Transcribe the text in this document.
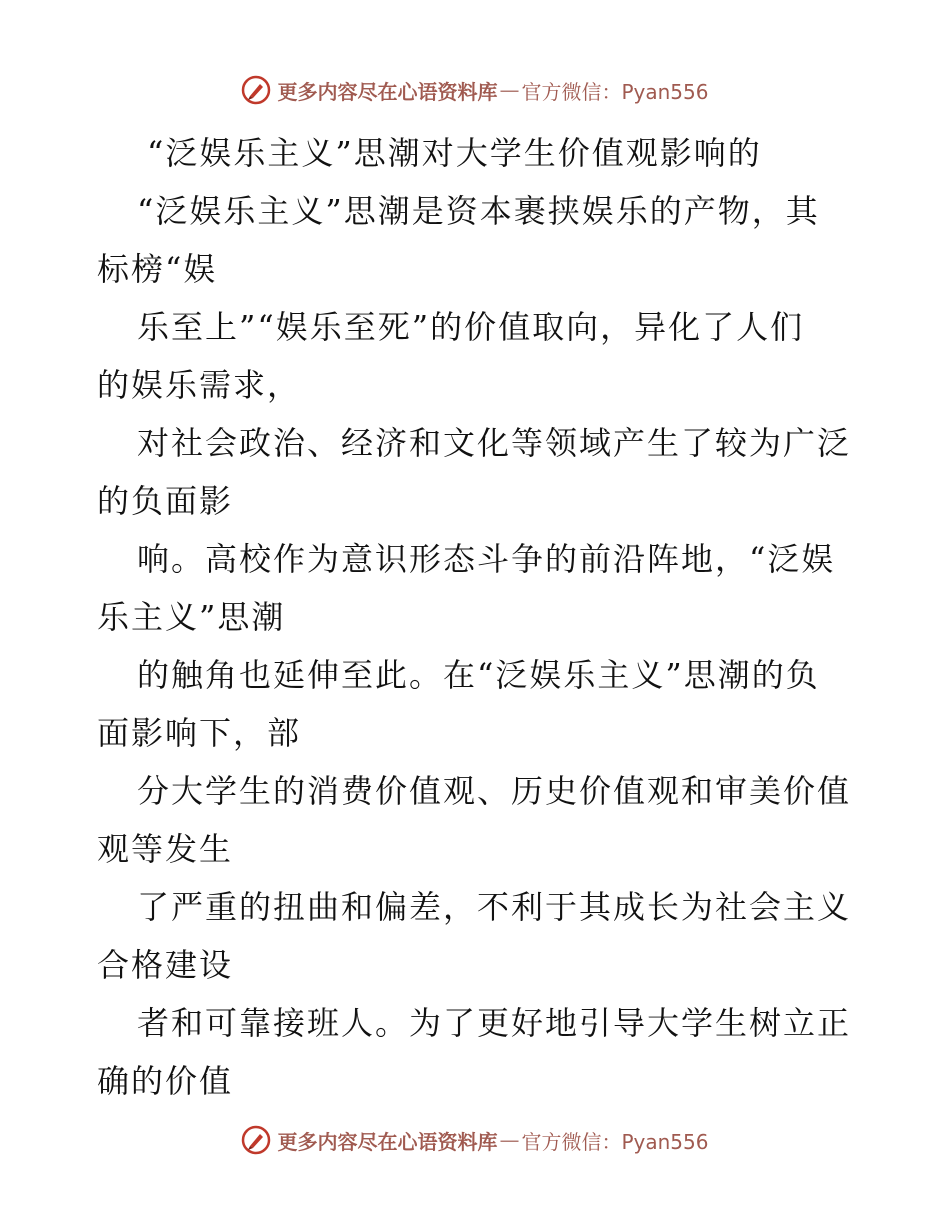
更多内容尽在心语资料库 — 官方微信：Pyan556
“泛娱乐主义”思潮对大学生价值观影响的
“泛娱乐主义”思潮是资本裹挟娱乐的产物，其
标榜“娱
乐至上”“娱乐至死”的价值取向，异化了人们
的娱乐需求，
对社会政治、经济和文化等领域产生了较为广泛
的负面影
响。高校作为意识形态斗争的前沿阵地，“泛娱
乐主义”思潮
的触角也延伸至此。在“泛娱乐主义”思潮的负
面影响下，部
分大学生的消费价值观、历史价值观和审美价值
观等发生
了严重的扭曲和偏差，不利于其成长为社会主义
合格建设
者和可靠接班人。为了更好地引导大学生树立正
确的价值
更多内容尽在心语资料库 — 官方微信：Pyan556
